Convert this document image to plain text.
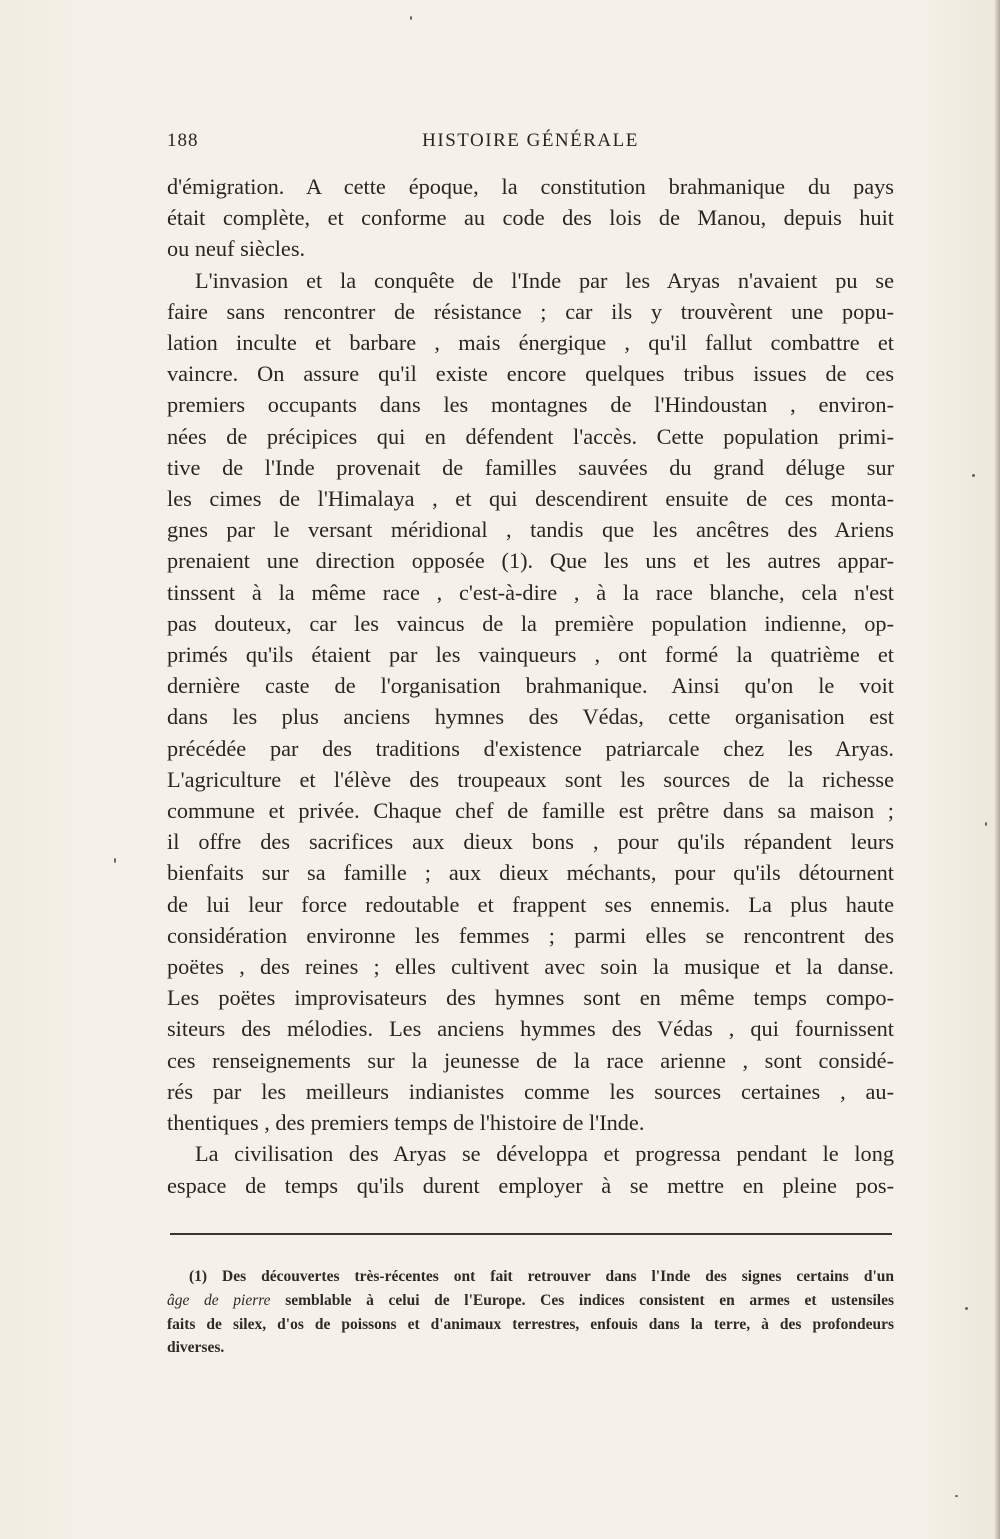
188	HISTOIRE GÉNÉRALE
d'émigration. A cette époque, la constitution brahmanique du pays
était complète, et conforme au code des lois de Manou, depuis huit
ou neuf siècles.
L'invasion et la conquête de l'Inde par les Aryas n'avaient pu se
faire sans rencontrer de résistance ; car ils y trouvèrent une popu-
lation inculte et barbare , mais énergique , qu'il fallut combattre et
vaincre. On assure qu'il existe encore quelques tribus issues de ces
premiers occupants dans les montagnes de l'Hindoustan , environ-
nées de précipices qui en défendent l'accès. Cette population primi-
tive de l'Inde provenait de familles sauvées du grand déluge sur
les cimes de l'Himalaya , et qui descendirent ensuite de ces monta-
gnes par le versant méridional , tandis que les ancêtres des Ariens
prenaient une direction opposée (1). Que les uns et les autres appar-
tinssent à la même race , c'est-à-dire , à la race blanche, cela n'est
pas douteux, car les vaincus de la première population indienne, op-
primés qu'ils étaient par les vainqueurs , ont formé la quatrième et
dernière caste de l'organisation brahmanique. Ainsi qu'on le voit
dans les plus anciens hymnes des Védas, cette organisation est
précédée par des traditions d'existence patriarcale chez les Aryas.
L'agriculture et l'élève des troupeaux sont les sources de la richesse
commune et privée. Chaque chef de famille est prêtre dans sa maison ;
il offre des sacrifices aux dieux bons , pour qu'ils répandent leurs
bienfaits sur sa famille ; aux dieux méchants, pour qu'ils détournent
de lui leur force redoutable et frappent ses ennemis. La plus haute
considération environne les femmes ; parmi elles se rencontrent des
poëtes , des reines ; elles cultivent avec soin la musique et la danse.
Les poëtes improvisateurs des hymnes sont en même temps compo-
siteurs des mélodies. Les anciens hymmes des Védas , qui fournissent
ces renseignements sur la jeunesse de la race arienne , sont considé-
rés par les meilleurs indianistes comme les sources certaines , au-
thentiques , des premiers temps de l'histoire de l'Inde.
La civilisation des Aryas se développa et progressa pendant le long
espace de temps qu'ils durent employer à se mettre en pleine pos-
(1) Des découvertes très-récentes ont fait retrouver dans l'Inde des signes certains d'un
âge de pierre semblable à celui de l'Europe. Ces indices consistent en armes et ustensiles
faits de silex, d'os de poissons et d'animaux terrestres, enfouis dans la terre, à des profondeurs
diverses.
